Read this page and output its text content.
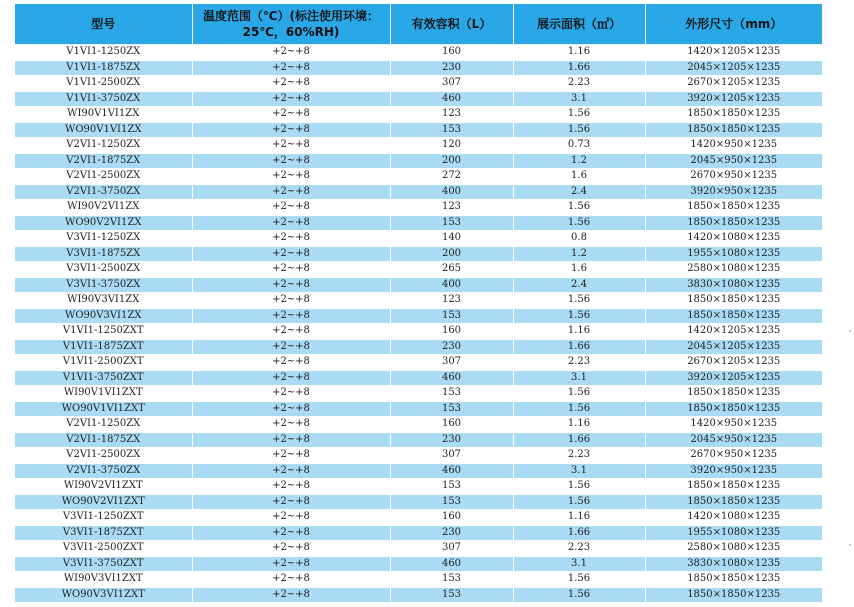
型号	温度范围（℃）(标注使用环境：25℃，60%RH)	有效容积（L）	展示面积（㎡）	外形尺寸（mm）
V1VI1-1250ZX	+2~+8	160	1.16	1420×1205×1235
V1VI1-1875ZX	+2~+8	230	1.66	2045×1205×1235
V1VI1-2500ZX	+2~+8	307	2.23	2670×1205×1235
V1VI1-3750ZX	+2~+8	460	3.1	3920×1205×1235
WI90V1VI1ZX	+2~+8	123	1.56	1850×1850×1235
WO90V1VI1ZX	+2~+8	153	1.56	1850×1850×1235
V2VI1-1250ZX	+2~+8	120	0.73	1420×950×1235
V2VI1-1875ZX	+2~+8	200	1.2	2045×950×1235
V2VI1-2500ZX	+2~+8	272	1.6	2670×950×1235
V2VI1-3750ZX	+2~+8	400	2.4	3920×950×1235
WI90V2VI1ZX	+2~+8	123	1.56	1850×1850×1235
WO90V2VI1ZX	+2~+8	153	1.56	1850×1850×1235
V3VI1-1250ZX	+2~+8	140	0.8	1420×1080×1235
V3VI1-1875ZX	+2~+8	200	1.2	1955×1080×1235
V3VI1-2500ZX	+2~+8	265	1.6	2580×1080×1235
V3VI1-3750ZX	+2~+8	400	2.4	3830×1080×1235
WI90V3VI1ZX	+2~+8	123	1.56	1850×1850×1235
WO90V3VI1ZX	+2~+8	153	1.56	1850×1850×1235
V1VI1-1250ZXT	+2~+8	160	1.16	1420×1205×1235
V1VI1-1875ZXT	+2~+8	230	1.66	2045×1205×1235
V1VI1-2500ZXT	+2~+8	307	2.23	2670×1205×1235
V1VI1-3750ZXT	+2~+8	460	3.1	3920×1205×1235
WI90V1VI1ZXT	+2~+8	153	1.56	1850×1850×1235
WO90V1VI1ZXT	+2~+8	153	1.56	1850×1850×1235
V2VI1-1250ZX	+2~+8	160	1.16	1420×950×1235
V2VI1-1875ZX	+2~+8	230	1.66	2045×950×1235
V2VI1-2500ZX	+2~+8	307	2.23	2670×950×1235
V2VI1-3750ZX	+2~+8	460	3.1	3920×950×1235
WI90V2VI1ZXT	+2~+8	153	1.56	1850×1850×1235
WO90V2VI1ZXT	+2~+8	153	1.56	1850×1850×1235
V3VI1-1250ZXT	+2~+8	160	1.16	1420×1080×1235
V3VI1-1875ZXT	+2~+8	230	1.66	1955×1080×1235
V3VI1-2500ZXT	+2~+8	307	2.23	2580×1080×1235
V3VI1-3750ZXT	+2~+8	460	3.1	3830×1080×1235
WI90V3VI1ZXT	+2~+8	153	1.56	1850×1850×1235
WO90V3VI1ZXT	+2~+8	153	1.56	1850×1850×1235
